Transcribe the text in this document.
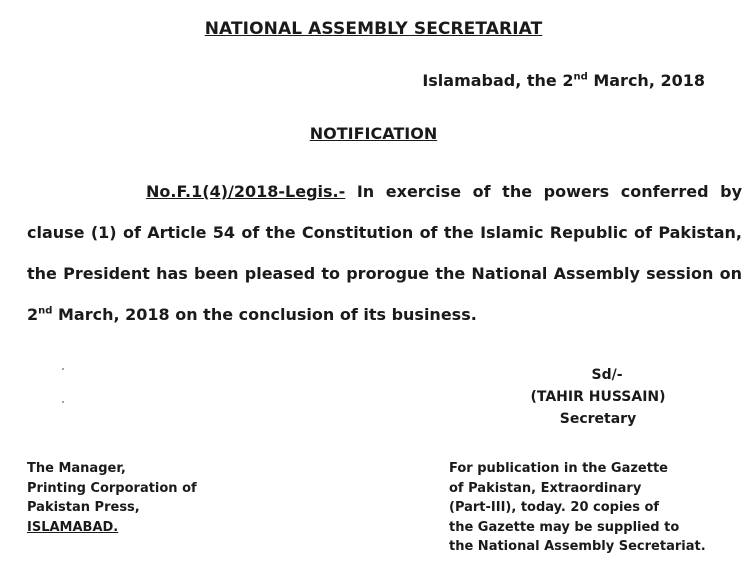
NATIONAL ASSEMBLY SECRETARIAT
Islamabad, the 2nd March, 2018
NOTIFICATION
No.F.1(4)/2018-Legis.- In exercise of the powers conferred by clause (1) of Article 54 of the Constitution of the Islamic Republic of Pakistan, the President has been pleased to prorogue the National Assembly session on 2nd March, 2018 on the conclusion of its business.
Sd/-
(TAHIR HUSSAIN)
Secretary
The Manager,
Printing Corporation of
Pakistan Press,
ISLAMABAD.
For publication in the Gazette
of Pakistan, Extraordinary
(Part-III), today. 20 copies of
the Gazette may be supplied to
the National Assembly Secretariat.
